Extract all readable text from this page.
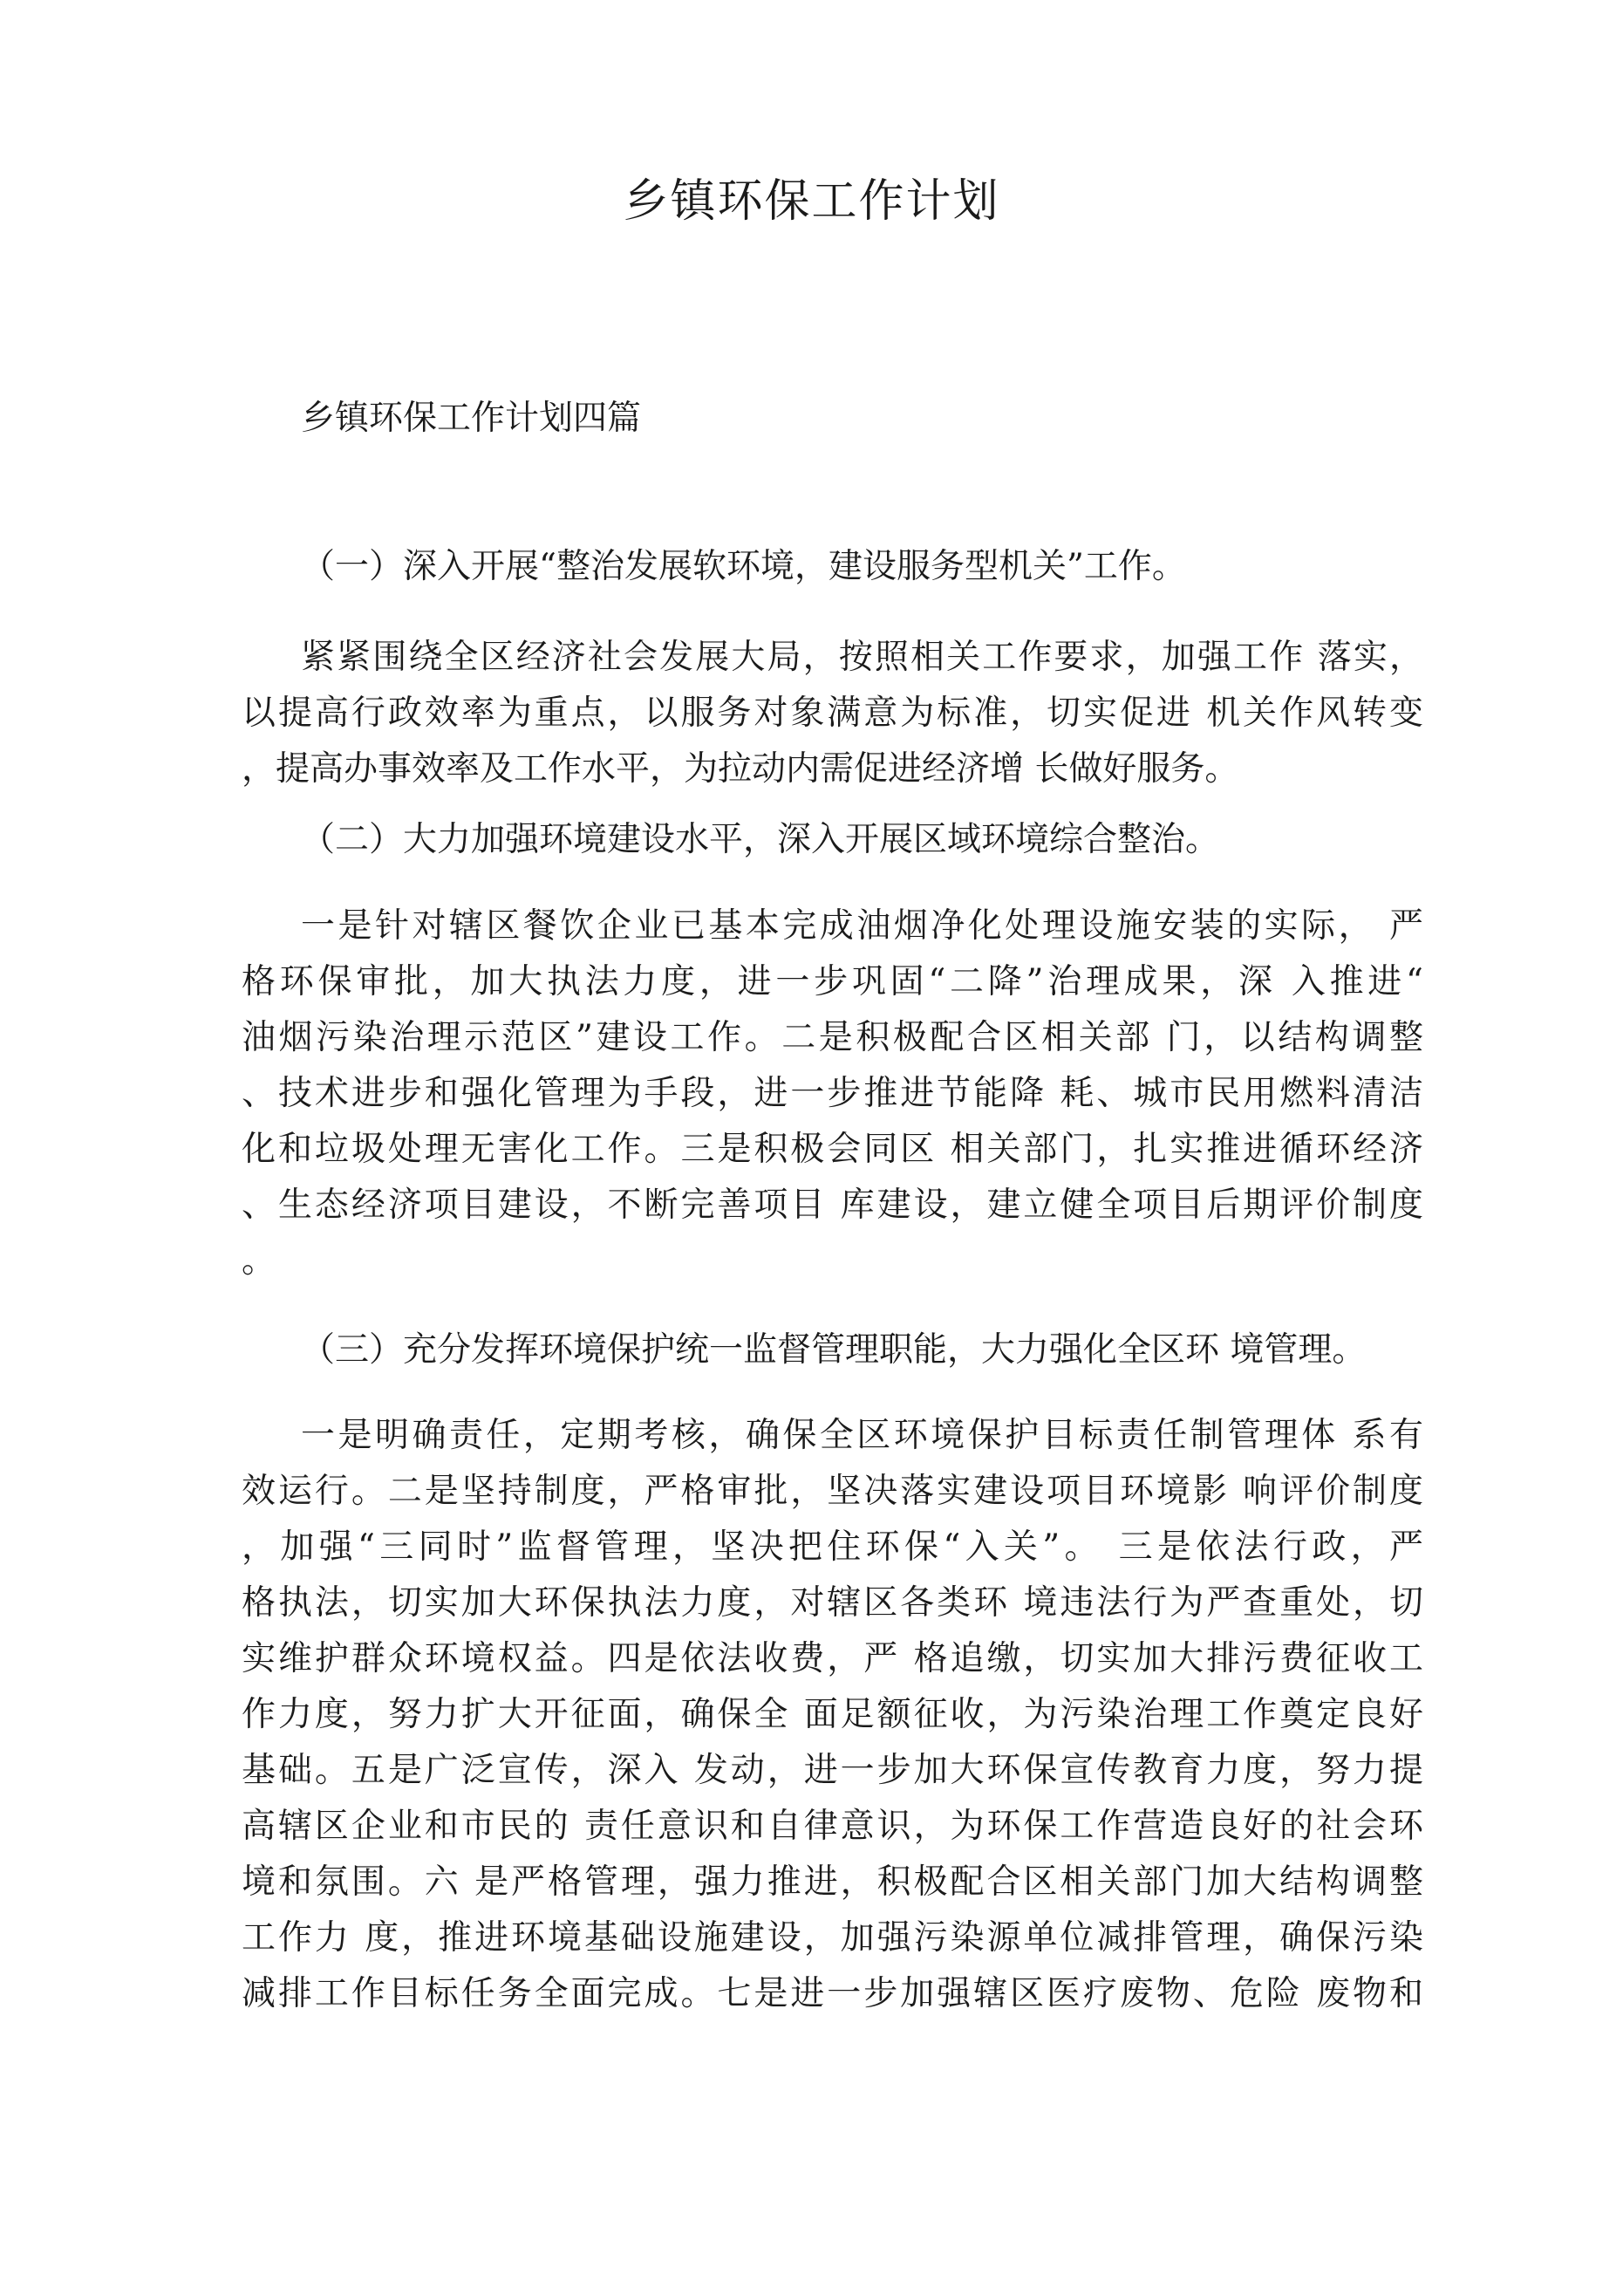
乡镇环保工作计划
乡镇环保工作计划四篇
（一）深入开展“整治发展软环境，建设服务型机关”工作。
紧紧围绕全区经济社会发展大局，按照相关工作要求，加强工作 落实，
以提高行政效率为重点，以服务对象满意为标准，切实促进 机关作风转变
，提高办事效率及工作水平，为拉动内需促进经济增 长做好服务。
（二）大力加强环境建设水平，深入开展区域环境综合整治。
一是针对辖区餐饮企业已基本完成油烟净化处理设施安装的实际， 严
格环保审批，加大执法力度，进一步巩固“二降”治理成果，深 入推进“
油烟污染治理示范区”建设工作。二是积极配合区相关部 门，以结构调整
、技术进步和强化管理为手段，进一步推进节能降 耗、城市民用燃料清洁
化和垃圾处理无害化工作。三是积极会同区 相关部门，扎实推进循环经济
、生态经济项目建设，不断完善项目 库建设，建立健全项目后期评价制度
。
（三）充分发挥环境保护统一监督管理职能，大力强化全区环 境管理。
一是明确责任，定期考核，确保全区环境保护目标责任制管理体 系有
效运行。二是坚持制度，严格审批，坚决落实建设项目环境影 响评价制度
，加强“三同时”监督管理，坚决把住环保“入关”。 三是依法行政，严
格执法，切实加大环保执法力度，对辖区各类环 境违法行为严查重处，切
实维护群众环境权益。四是依法收费，严 格追缴，切实加大排污费征收工
作力度，努力扩大开征面，确保全 面足额征收，为污染治理工作奠定良好
基础。五是广泛宣传，深入 发动，进一步加大环保宣传教育力度，努力提
高辖区企业和市民的 责任意识和自律意识，为环保工作营造良好的社会环
境和氛围。六 是严格管理，强力推进，积极配合区相关部门加大结构调整
工作力 度，推进环境基础设施建设，加强污染源单位减排管理，确保污染
减排工作目标任务全面完成。七是进一步加强辖区医疗废物、危险 废物和
